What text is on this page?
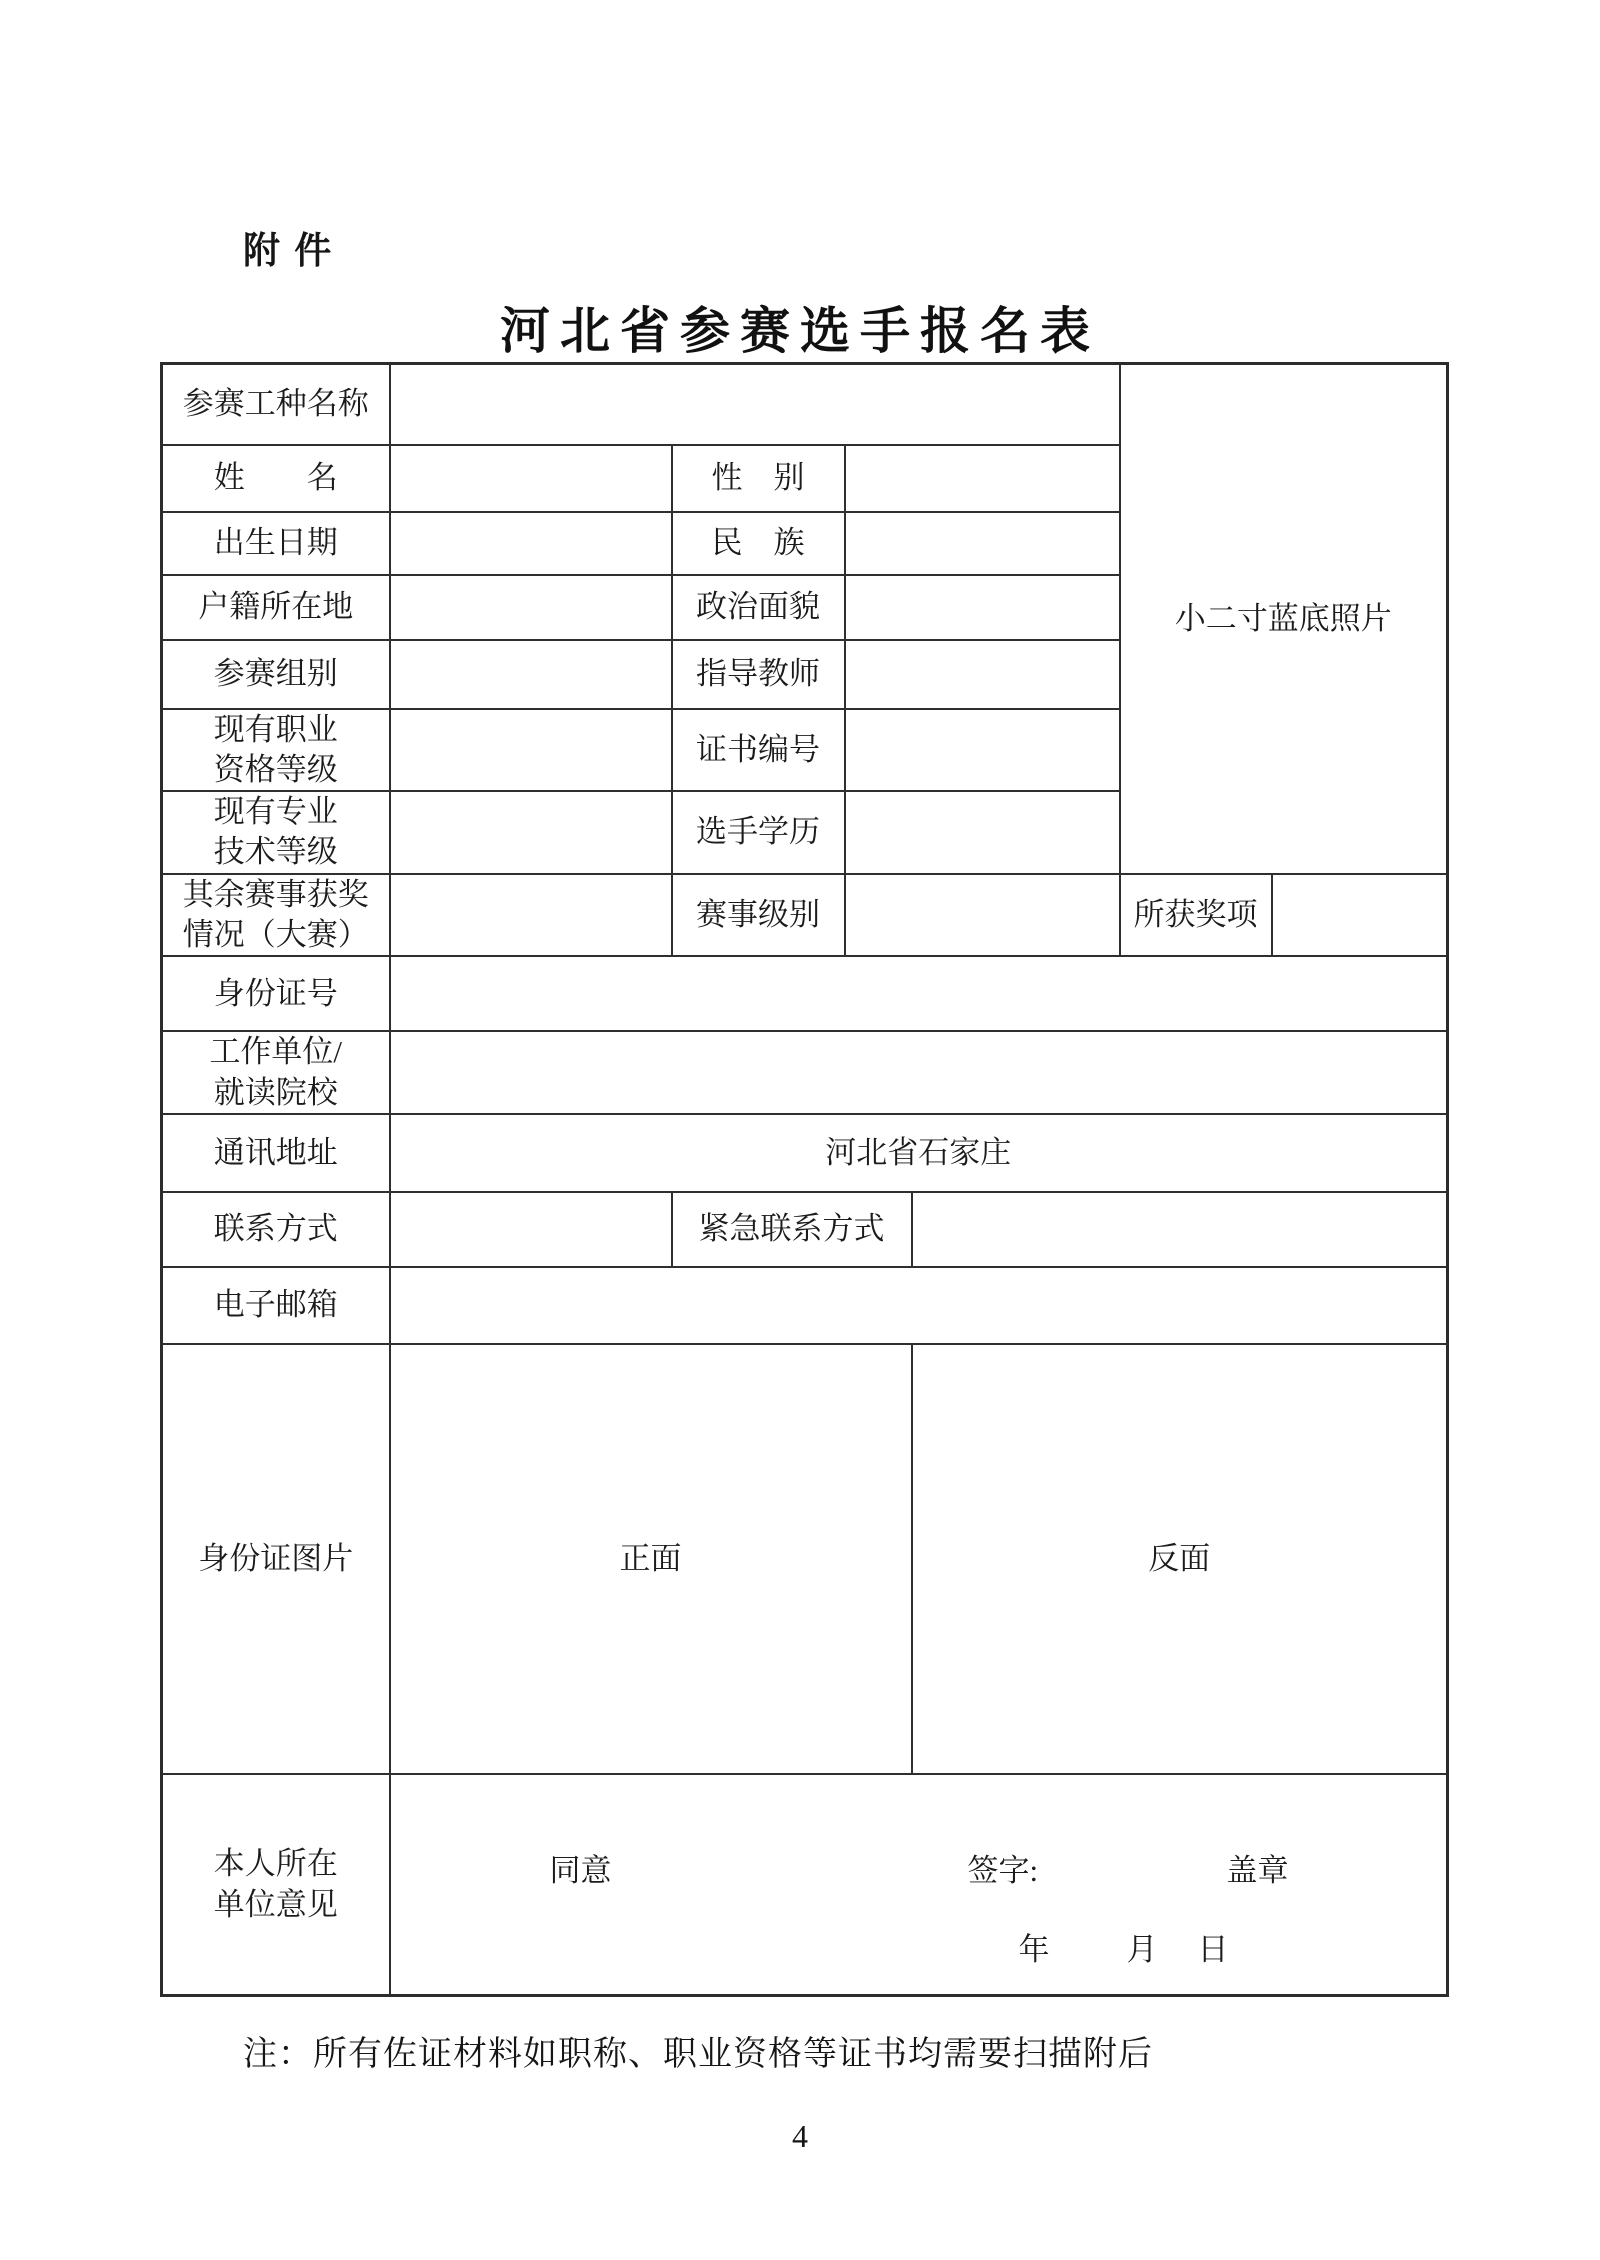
附 件
河北省参赛选手报名表
参赛工种名称					小二寸蓝底照片	
姓　　名		性　别				
出生日期		民　族				
户籍所在地		政治面貌				
参赛组别		指导教师				

现有职业
资格等级		证书编号				

现有专业
技术等级		选手学历				

其余赛事获奖
情况（大赛）		赛事级别			所获奖项	
身份证号						

工作单位/
就读院校						

通讯地址	河北省石家庄					
联系方式		紧急联系方式				
电子邮箱						
身份证图片	正面			反面		

本人所在
单位意见

同意	签字:	盖章
年 月 日
注：所有佐证材料如职称、职业资格等证书均需要扫描附后
4
